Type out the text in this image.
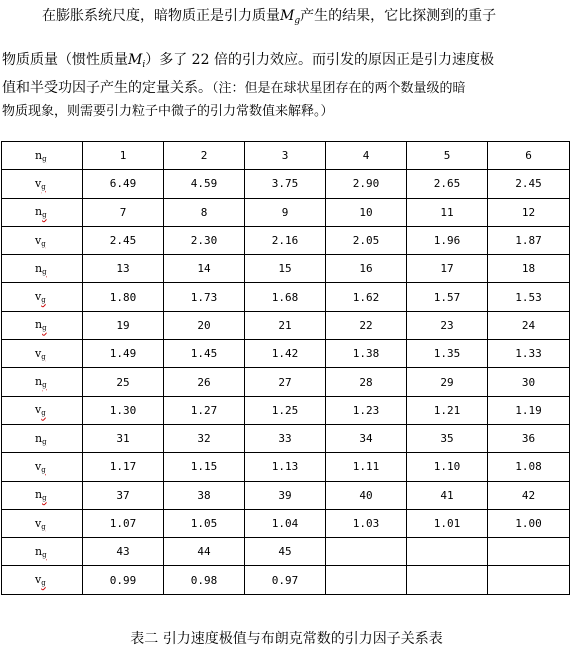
在膨胀系统尺度，暗物质正是引力质量$M_g$产生的结果，它比探测到的重子
物质质量（惯性质量$M_i$）多了 22 倍的引力效应。而引发的原因正是引力速度极
值和半受功因子产生的定量关系。（注：但是在球状星团存在的两个数量级的暗
物质现象，则需要引力粒子中微子的引力常数值来解释。）
ng	1	2	3	4	5	6
vg	6.49	4.59	3.75	2.90	2.65	2.45
ng	7	8	9	10	11	12
vg	2.45	2.30	2.16	2.05	1.96	1.87
ng	13	14	15	16	17	18
vg	1.80	1.73	1.68	1.62	1.57	1.53
ng	19	20	21	22	23	24
vg	1.49	1.45	1.42	1.38	1.35	1.33
ng	25	26	27	28	29	30
vg	1.30	1.27	1.25	1.23	1.21	1.19
ng	31	32	33	34	35	36
vg	1.17	1.15	1.13	1.11	1.10	1.08
ng	37	38	39	40	41	42
vg	1.07	1.05	1.04	1.03	1.01	1.00
ng	43	44	45			
vg	0.99	0.98	0.97			
表二 引力速度极值与布朗克常数的引力因子关系表
